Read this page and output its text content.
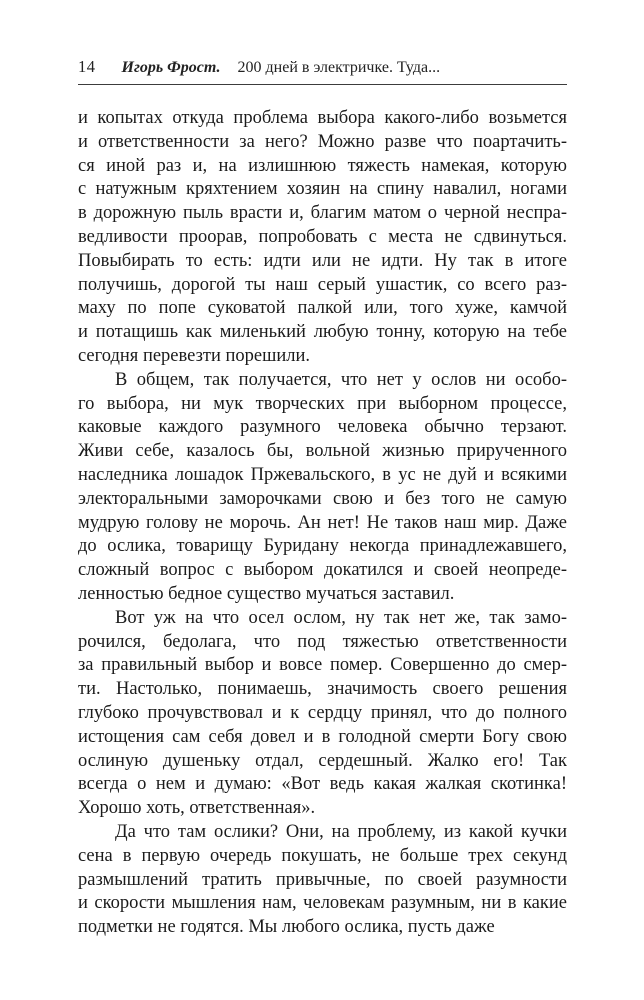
14 Игорь Фрост. 200 дней в электричке. Туда...
и копытах откуда проблема выбора какого-либо возьмется
и ответственности за него? Можно разве что поартачить-
ся иной раз и, на излишнюю тяжесть намекая, которую
с натужным кряхтением хозяин на спину навалил, ногами
в дорожную пыль врасти и, благим матом о черной неспра-
ведливости проорав, попробовать с места не сдвинуться.
Повыбирать то есть: идти или не идти. Ну так в итоге
получишь, дорогой ты наш серый ушастик, со всего раз-
маху по попе суковатой палкой или, того хуже, камчой
и потащишь как миленький любую тонну, которую на тебе
сегодня перевезти порешили.
В общем, так получается, что нет у ослов ни особо-
го выбора, ни мук творческих при выборном процессе,
каковые каждого разумного человека обычно терзают.
Живи себе, казалось бы, вольной жизнью прирученного
наследника лошадок Пржевальского, в ус не дуй и всякими
электоральными заморочками свою и без того не самую
мудрую голову не морочь. Ан нет! Не таков наш мир. Даже
до ослика, товарищу Буридану некогда принадлежавшего,
сложный вопрос с выбором докатился и своей неопреде-
ленностью бедное существо мучаться заставил.
Вот уж на что осел ослом, ну так нет же, так замо-
рочился, бедолага, что под тяжестью ответственности
за правильный выбор и вовсе помер. Совершенно до смер-
ти. Настолько, понимаешь, значимость своего решения
глубоко прочувствовал и к сердцу принял, что до полного
истощения сам себя довел и в голодной смерти Богу свою
ослиную душеньку отдал, сердешный. Жалко его! Так
всегда о нем и думаю: «Вот ведь какая жалкая скотинка!
Хорошо хоть, ответственная».
Да что там ослики? Они, на проблему, из какой кучки
сена в первую очередь покушать, не больше трех секунд
размышлений тратить привычные, по своей разумности
и скорости мышления нам, человекам разумным, ни в какие
подметки не годятся. Мы любого ослика, пусть даже
